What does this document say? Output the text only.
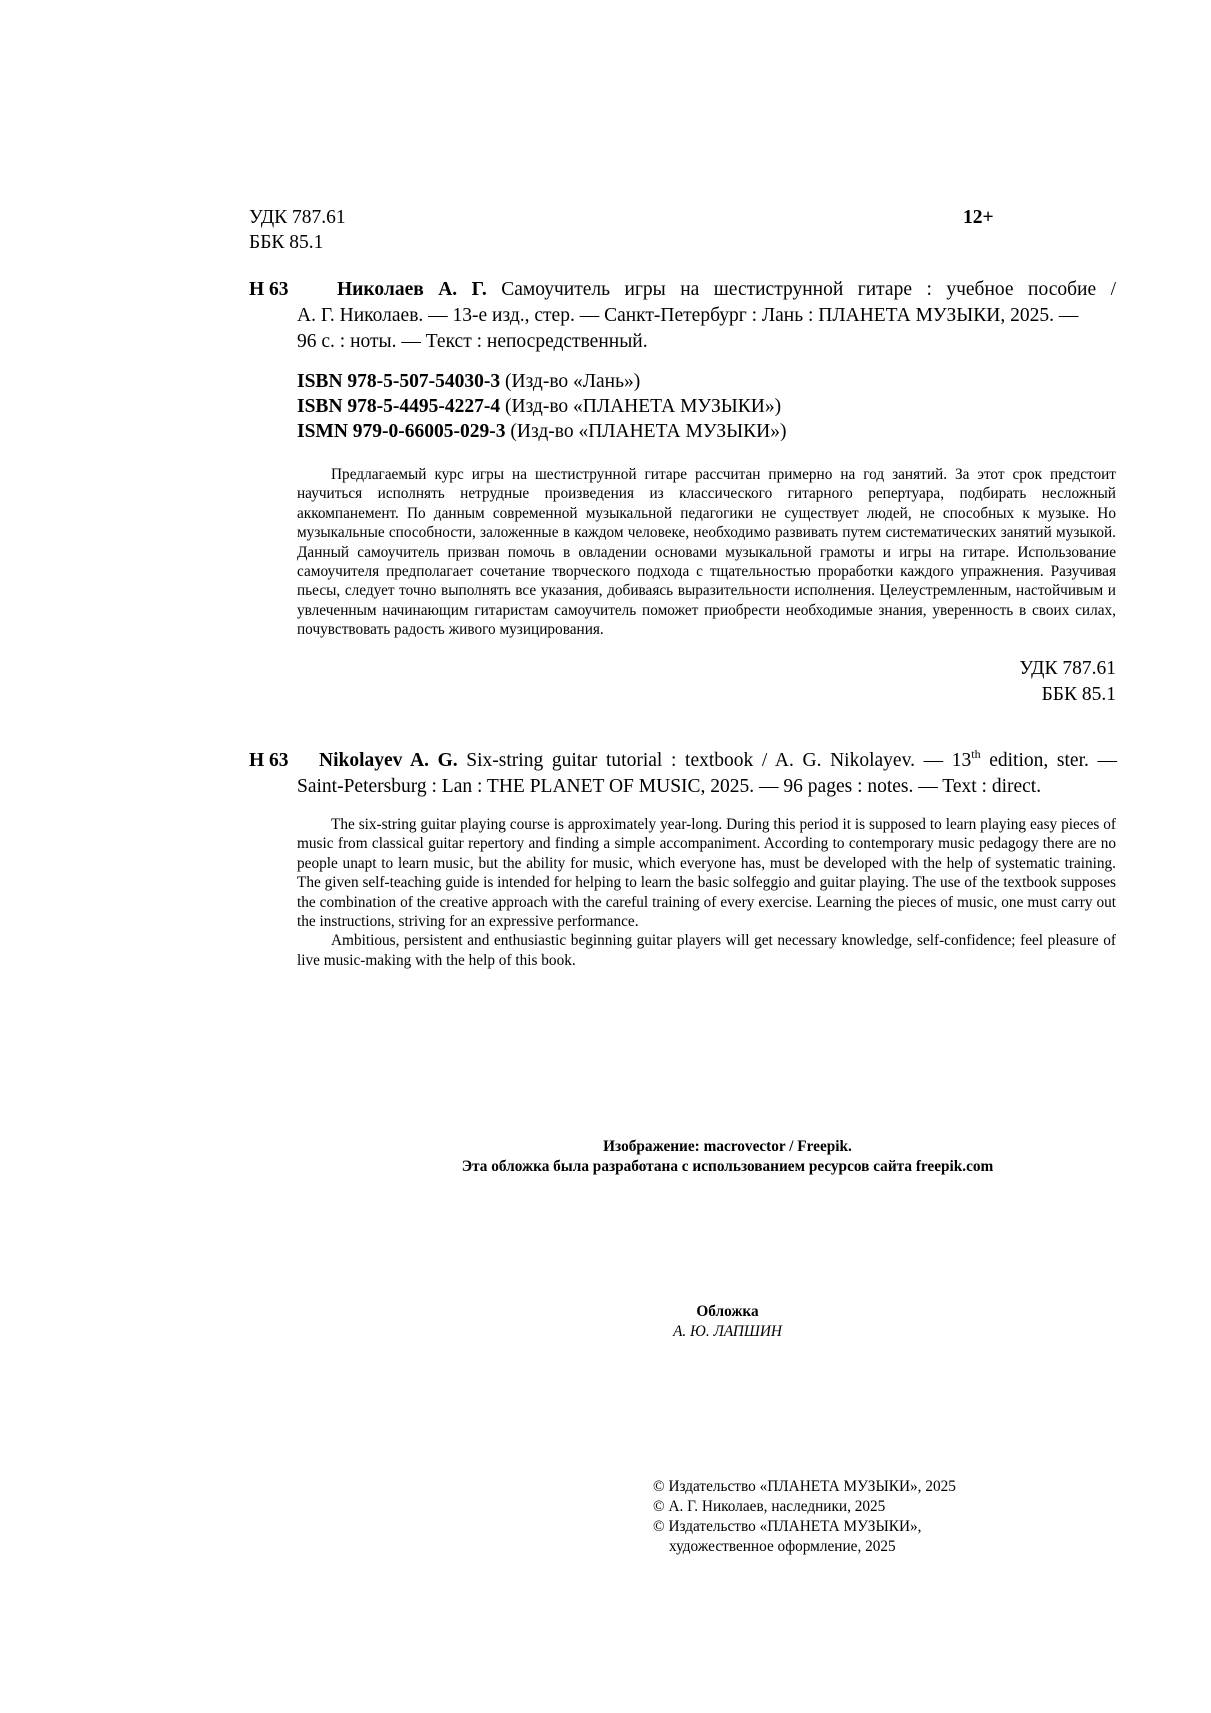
УДК 787.61
ББК 85.1
12+
Н 63 Николаев А. Г. Самоучитель игры на шестиструнной гитаре : учебное пособие /
А. Г. Николаев. — 13-е изд., стер. — Санкт-Петербург : Лань : ПЛАНЕТА МУЗЫКИ, 2025. —
96 с. : ноты. — Текст : непосредственный.
ISBN 978-5-507-54030-3 (Изд-во «Лань»)
ISBN 978-5-4495-4227-4 (Изд-во «ПЛАНЕТА МУЗЫКИ»)
ISMN 979-0-66005-029-3 (Изд-во «ПЛАНЕТА МУЗЫКИ»)
Предлагаемый курс игры на шестиструнной гитаре рассчитан примерно на год занятий. За этот срок предстоит научиться исполнять нетрудные произведения из классического гитарного репертуара, подбирать несложный аккомпанемент. По данным современной музыкальной педагогики не существует людей, не способных к музыке. Но музыкальные способности, заложенные в каждом человеке, необходимо развивать путем систематических занятий музыкой. Данный самоучитель призван помочь в овладении основами музыкальной грамоты и игры на гитаре. Использование самоучителя предполагает сочетание творческого подхода с тщательностью проработки каждого упражнения. Разучивая пьесы, следует точно выполнять все указания, добиваясь выразительности исполнения. Целеустремленным, настойчивым и увлеченным начинающим гитаристам самоучитель поможет приобрести необходимые знания, уверенность в своих силах, почувствовать радость живого музицирования.
УДК 787.61
ББК 85.1
Н 63 Nikolayev A. G. Six-string guitar tutorial : textbook / A. G. Nikolayev. — 13th edition, ster. —
Saint-Petersburg : Lan : THE PLANET OF MUSIC, 2025. — 96 pages : notes. — Text : direct.

The six-string guitar playing course is approximately year-long. During this period it is supposed to learn playing easy pieces of music from classical guitar repertory and finding a simple accompaniment. According to contemporary music pedagogy there are no people unapt to learn music, but the ability for music, which everyone has, must be developed with the help of systematic training. The given self-teaching guide is intended for helping to learn the basic solfeggio and guitar playing. The use of the textbook supposes the combination of the creative approach with the careful training of every exercise. Learning the pieces of music, one must carry out the instructions, striving for an expressive performance.

Ambitious, persistent and enthusiastic beginning guitar players will get necessary knowledge, self-confidence; feel pleasure of live music-making with the help of this book.

Изображение: macrovector / Freepik.
Эта обложка была разработана с использованием ресурсов сайта freepik.com
Обложка
А. Ю. ЛАПШИН
© Издательство «ПЛАНЕТА МУЗЫКИ», 2025
© А. Г. Николаев, наследники, 2025
© Издательство «ПЛАНЕТА МУЗЫКИ»,
художественное оформление, 2025
